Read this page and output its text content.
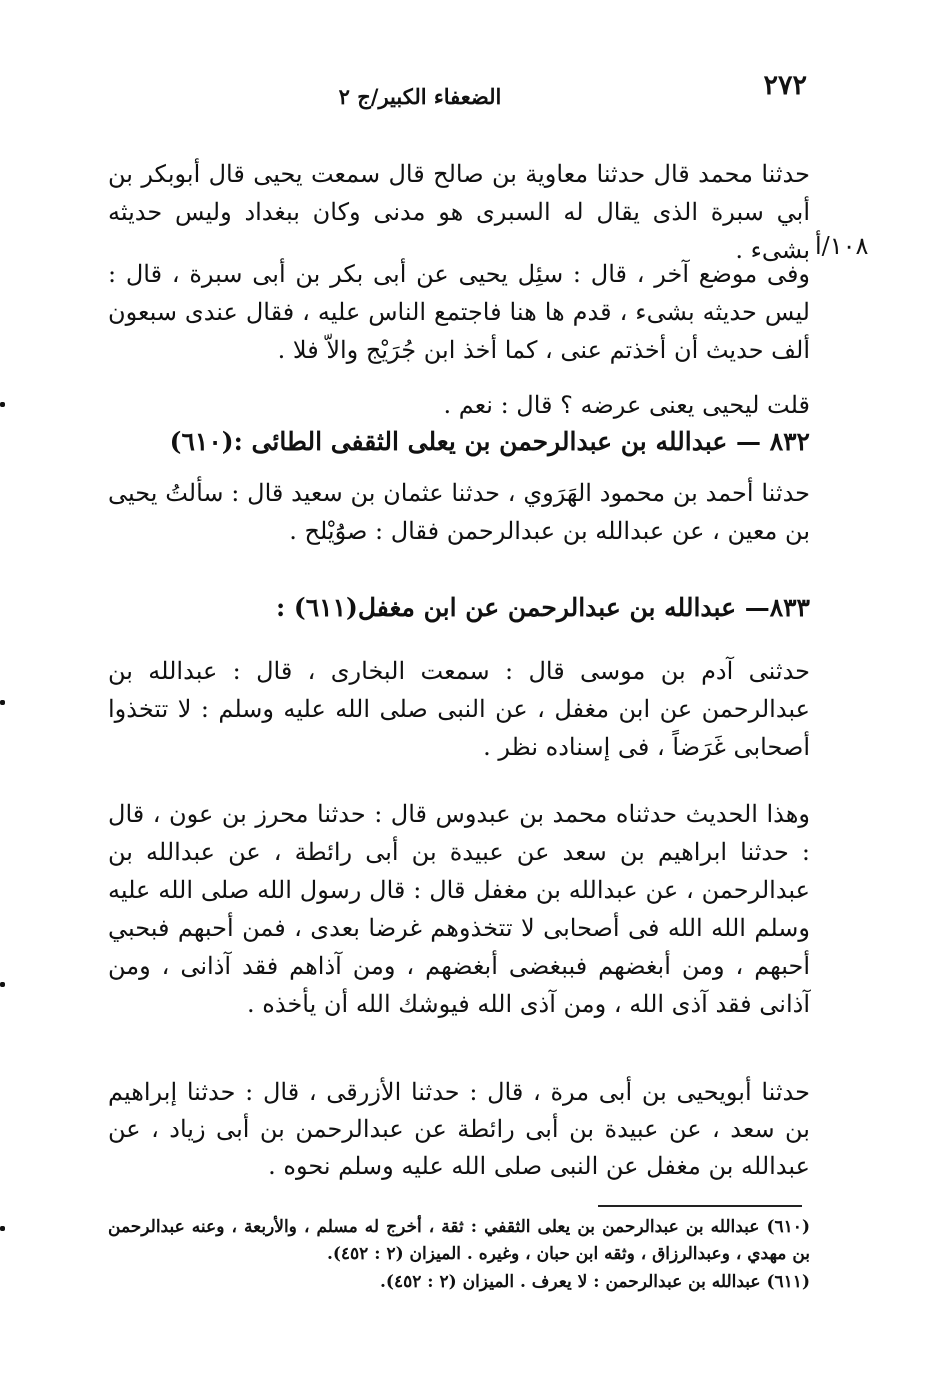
٢٧٢
الضعفاء الكبير/ج ٢
١٠٨/أ
حدثنا محمد قال حدثنا معاوية بن صالح قال سمعت يحيى قال أبوبكر بن أبي سبرة الذى يقال له السبرى هو مدنى وكان ببغداد وليس حديثه بشىء .
وفى موضع آخر ، قال : سئِل يحيى عن أبى بكر بن أبى سبرة ، قال : ليس حديثه بشىء ، قدم ها هنا فاجتمع الناس عليه ، فقال عندى سبعون ألف حديث أن أخذتم عنى ، كما أخذ ابن جُرَيْج والاّ فلا .
قلت ليحيى يعنى عرضه ؟ قال : نعم .
٨٣٢ — عبدالله بن عبدالرحمن بن يعلى الثقفى الطائى :(٦١٠)
حدثنا أحمد بن محمود الهَرَوي ، حدثنا عثمان بن سعيد قال : سألتُ يحيى بن معين ، عن عبدالله بن عبدالرحمن فقال : صوَُيْلح .
٨٣٣— عبدالله بن عبدالرحمن عن ابن مغفل(٦١١) :
حدثنى آدم بن موسى قال : سمعت البخارى ، قال : عبدالله بن عبدالرحمن عن ابن مغفل ، عن النبى صلى الله عليه وسلم : لا تتخذوا أصحابى غَرَضاً ، فى إسناده نظر .
وهذا الحديث حدثناه محمد بن عبدوس قال : حدثنا محرز بن عون ، قال : حدثنا ابراهيم بن سعد عن عبيدة بن أبى رائطة ، عن عبدالله بن عبدالرحمن ، عن عبدالله بن مغفل قال : قال رسول الله صلى الله عليه وسلم الله الله فى أصحابى لا تتخذوهم غرضا بعدى ، فمن أحبهم فبحبي أحبهم ، ومن أبغضهم فببغضى أبغضهم ، ومن آذاهم فقد آذانى ، ومن آذانى فقد آذى الله ، ومن آذى الله فيوشك الله أن يأخذه .
حدثنا أبويحيى بن أبى مرة ، قال : حدثنا الأزرقى ، قال : حدثنا إبراهيم بن سعد ، عن عبيدة بن أبى رائطة عن عبدالرحمن بن أبى زياد ، عن عبدالله بن مغفل عن النبى صلى الله عليه وسلم نحوه .
(٦١٠) عبدالله بن عبدالرحمن بن يعلى الثقفي : ثقة ، أخرج له مسلم ، والأربعة ، وعنه عبدالرحمن بن مهدي ، وعبدالرزاق ، وثقه ابن حبان ، وغيره . الميزان (٢ : ٤٥٢).
(٦١١) عبدالله بن عبدالرحمن : لا يعرف . الميزان (٢ : ٤٥٢).
